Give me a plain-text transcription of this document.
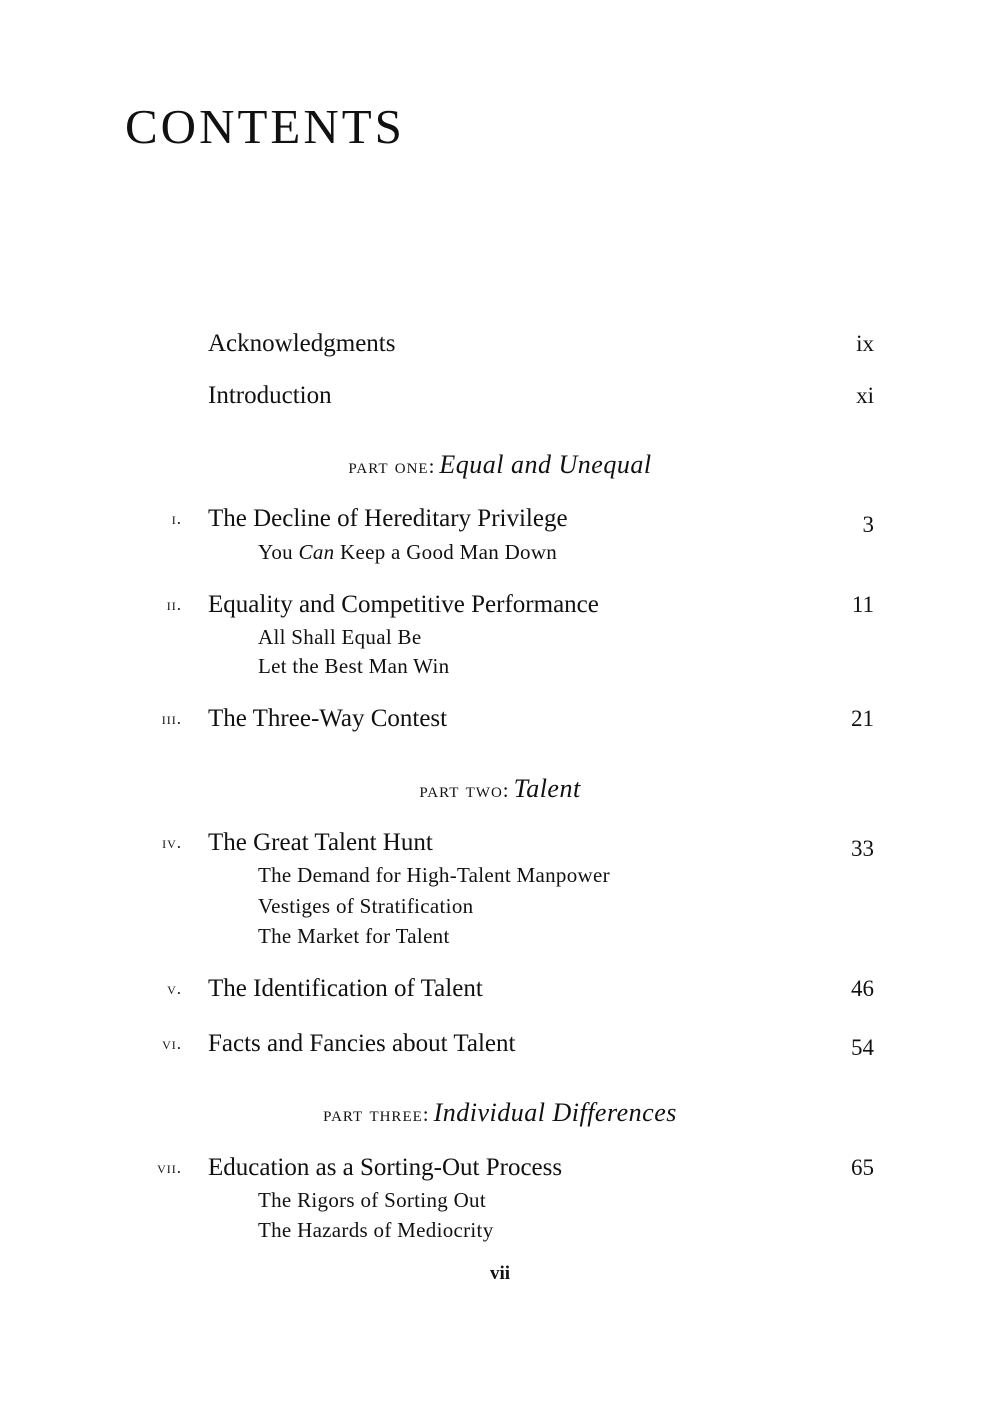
CONTENTS
Acknowledgments	ix
Introduction	xi
part one: Equal and Unequal
i. The Decline of Hereditary Privilege	3
You Can Keep a Good Man Down
ii. Equality and Competitive Performance	11
All Shall Equal Be
Let the Best Man Win
iii. The Three-Way Contest	21
part two: Talent
iv. The Great Talent Hunt	33
The Demand for High-Talent Manpower
Vestiges of Stratification
The Market for Talent
v. The Identification of Talent	46
vi. Facts and Fancies about Talent	54
part three: Individual Differences
vii. Education as a Sorting-Out Process	65
The Rigors of Sorting Out
The Hazards of Mediocrity
vii
